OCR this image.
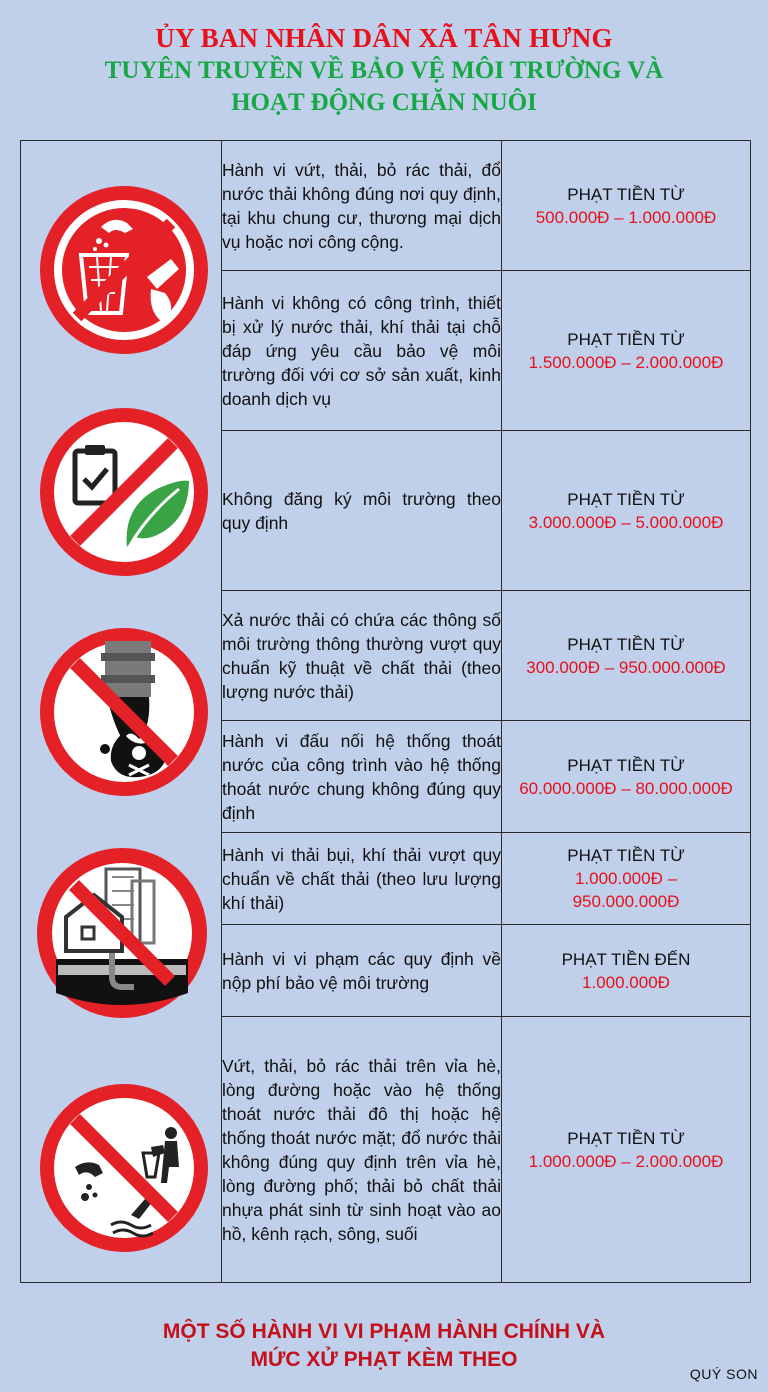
ỦY BAN NHÂN DÂN XÃ TÂN HƯNG
TUYÊN TRUYỀN VỀ BẢO VỆ MÔI TRƯỜNG VÀ
HOẠT ĐỘNG CHĂN NUÔI
	Hành vi vứt, thải, bỏ rác thải, đổ nước thải không đúng nơi quy định, tại khu chung cư, thương mại dịch vụ hoặc nơi công cộng.	PHẠT TIỀN TỪ
500.000Đ – 1.000.000Đ

	Hành vi không có công trình, thiết bị xử lý nước thải, khí thải tại chỗ đáp ứng yêu cầu bảo vệ môi trường đối với cơ sở sản xuất, kinh doanh dịch vụ	PHẠT TIỀN TỪ
1.500.000Đ – 2.000.000Đ

	Không đăng ký môi trường theo quy định	PHẠT TIỀN TỪ
3.000.000Đ – 5.000.000Đ

	Xả nước thải có chứa các thông số môi trường thông thường vượt quy chuẩn kỹ thuật về chất thải (theo lượng nước thải)	PHẠT TIỀN TỪ
300.000Đ – 950.000.000Đ

	Hành vi đấu nối hệ thống thoát nước của công trình vào hệ thống thoát nước chung không đúng quy định	PHẠT TIỀN TỪ
60.000.000Đ – 80.000.000Đ

	Hành vi thải bụi, khí thải vượt quy chuẩn về chất thải (theo lưu lượng khí thải)	PHẠT TIỀN TỪ
1.000.000Đ – 950.000.000Đ

	Hành vi vi phạm các quy định về nộp phí bảo vệ môi trường	PHẠT TIỀN ĐẾN
1.000.000Đ

	Vứt, thải, bỏ rác thải trên vỉa hè, lòng đường hoặc vào hệ thống thoát nước thải đô thị hoặc hệ thống thoát nước mặt; đổ nước thải không đúng quy định trên vỉa hè, lòng đường phố; thải bỏ chất thải nhựa phát sinh từ sinh hoạt vào ao hồ, kênh rạch, sông, suối	PHẠT TIỀN TỪ
1.000.000Đ – 2.000.000Đ
MỘT SỐ HÀNH VI VI PHẠM HÀNH CHÍNH VÀ
MỨC XỬ PHẠT KÈM THEO
QUÝ SON
